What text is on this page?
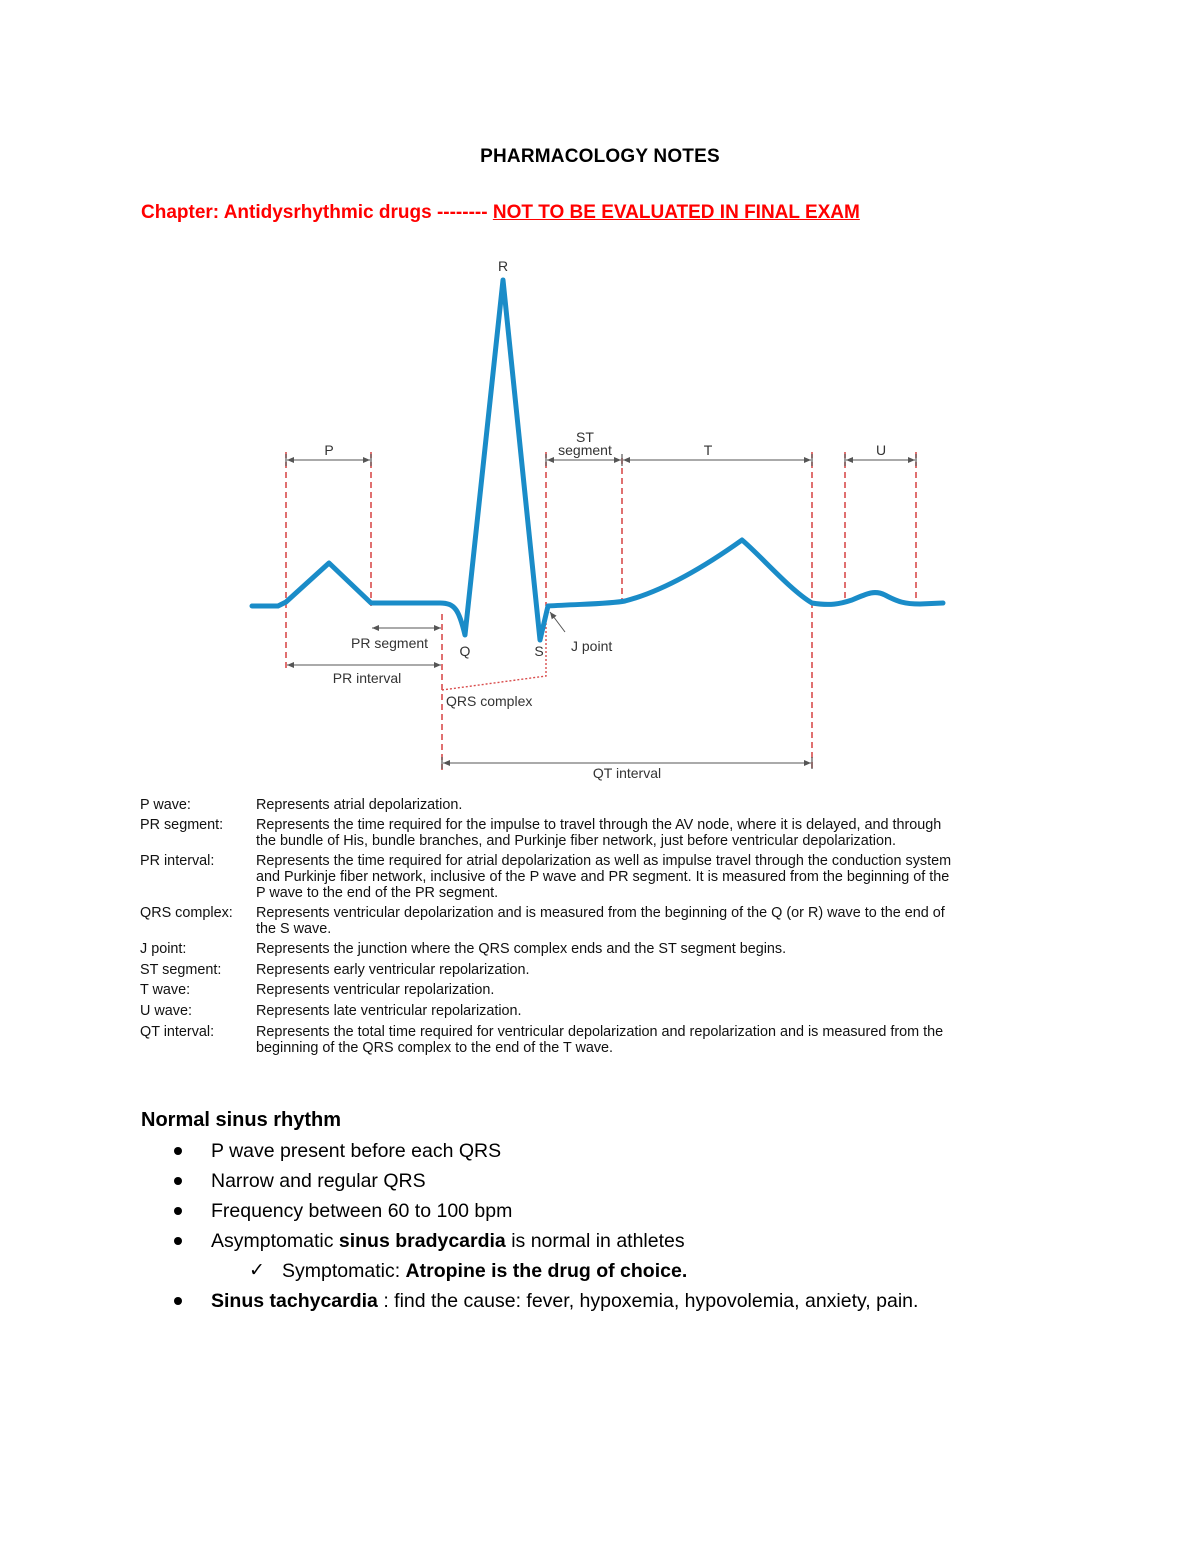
PHARMACOLOGY NOTES
Chapter: Antidysrhythmic drugs -------- NOT TO BE EVALUATED IN FINAL EXAM
R
P
ST
segment	T	U
Q	S J point
PR segment
PR interval
QRS complex
QT interval
P wave:	Represents atrial depolarization.
PR segment: Represents the time required for the impulse to travel through the AV node, where it is delayed, and through
the bundle of His, bundle branches, and Purkinje fiber network, just before ventricular depolarization.
PR interval:	Represents the time required for atrial depolarization as well as impulse travel through the conduction system
and Purkinje fiber network, inclusive of the P wave and PR segment. It is measured from the beginning of the
P wave to the end of the PR segment.
QRS complex: Represents ventricular depolarization and is measured from the beginning of the Q (or R) wave to the end of
the S wave.
J point:	Represents the junction where the QRS complex ends and the ST segment begins.
ST segment: Represents early ventricular repolarization.
T wave:	Represents ventricular repolarization.
U wave:	Represents late ventricular repolarization.
QT interval:	Represents the total time required for ventricular depolarization and repolarization and is measured from the
beginning of the QRS complex to the end of the T wave.
Normal sinus rhythm
P wave present before each QRS
Narrow and regular QRS
Frequency between 60 to 100 bpm
Asymptomatic sinus bradycardia is normal in athletes
✓ Symptomatic: Atropine is the drug of choice.
Sinus tachycardia : find the cause: fever, hypoxemia, hypovolemia, anxiety, pain.
